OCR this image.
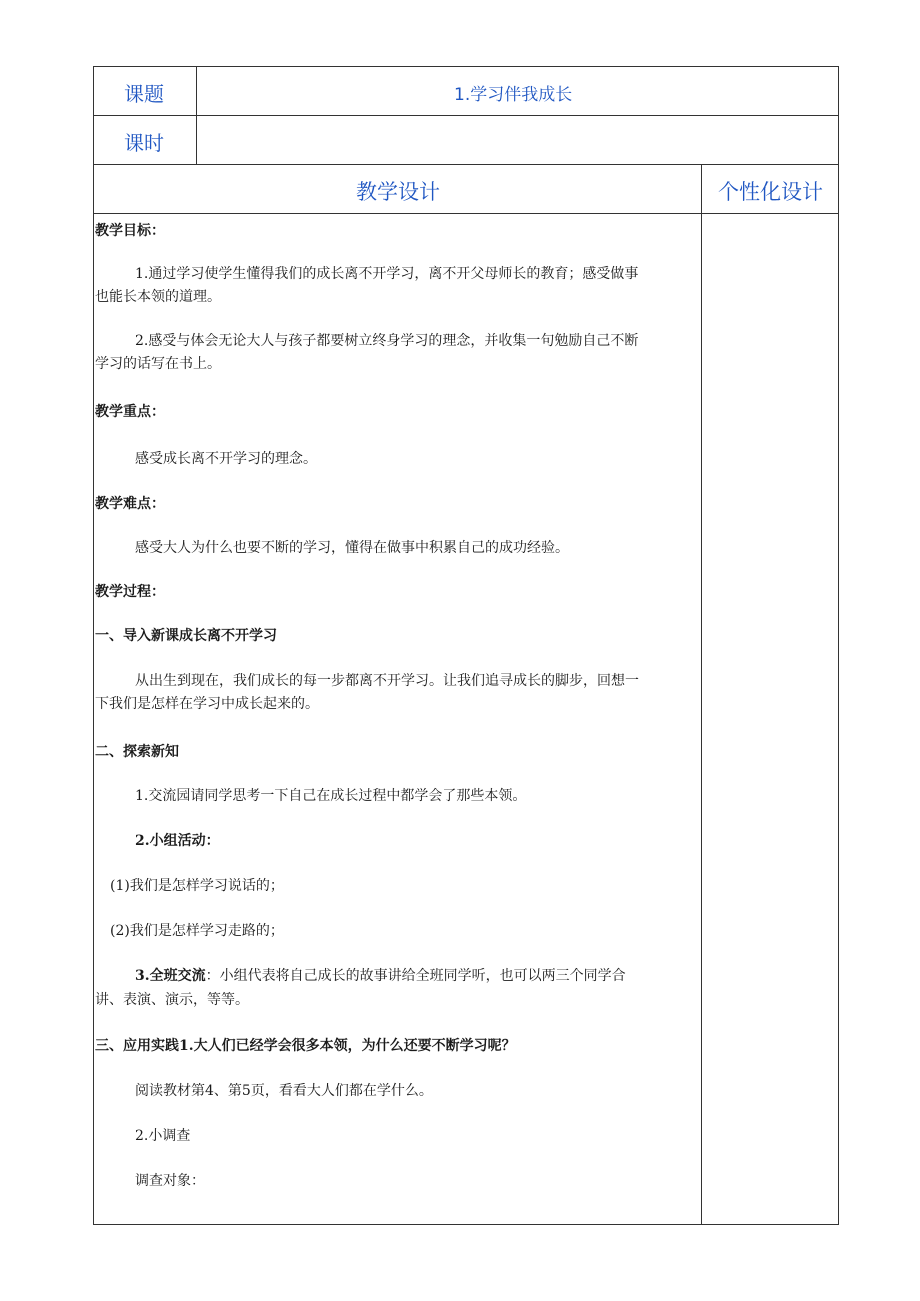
课题	1.学习伴我成长
课时
教学设计	个性化设计
教学目标：
1.通过学习使学生懂得我们的成长离不开学习，离不开父母师长的教育；感受做事
也能长本领的道理。
2.感受与体会无论大人与孩子都要树立终身学习的理念，并收集一句勉励自己不断
学习的话写在书上。
教学重点：
感受成长离不开学习的理念。
教学难点：
感受大人为什么也要不断的学习，懂得在做事中积累自己的成功经验。
教学过程：
一、导入新课成长离不开学习
从出生到现在，我们成长的每一步都离不开学习。让我们追寻成长的脚步，回想一
下我们是怎样在学习中成长起来的。
二、探索新知
1.交流园请同学思考一下自己在成长过程中都学会了那些本领。
2.小组活动：
(1)我们是怎样学习说话的；
(2)我们是怎样学习走路的；
3.全班交流：小组代表将自己成长的故事讲给全班同学听，也可以两三个同学合
讲、表演、演示，等等。
三、应用实践1.大人们已经学会很多本领，为什么还要不断学习呢？
阅读教材第4、第5页，看看大人们都在学什么。
2.小调查
调查对象：
